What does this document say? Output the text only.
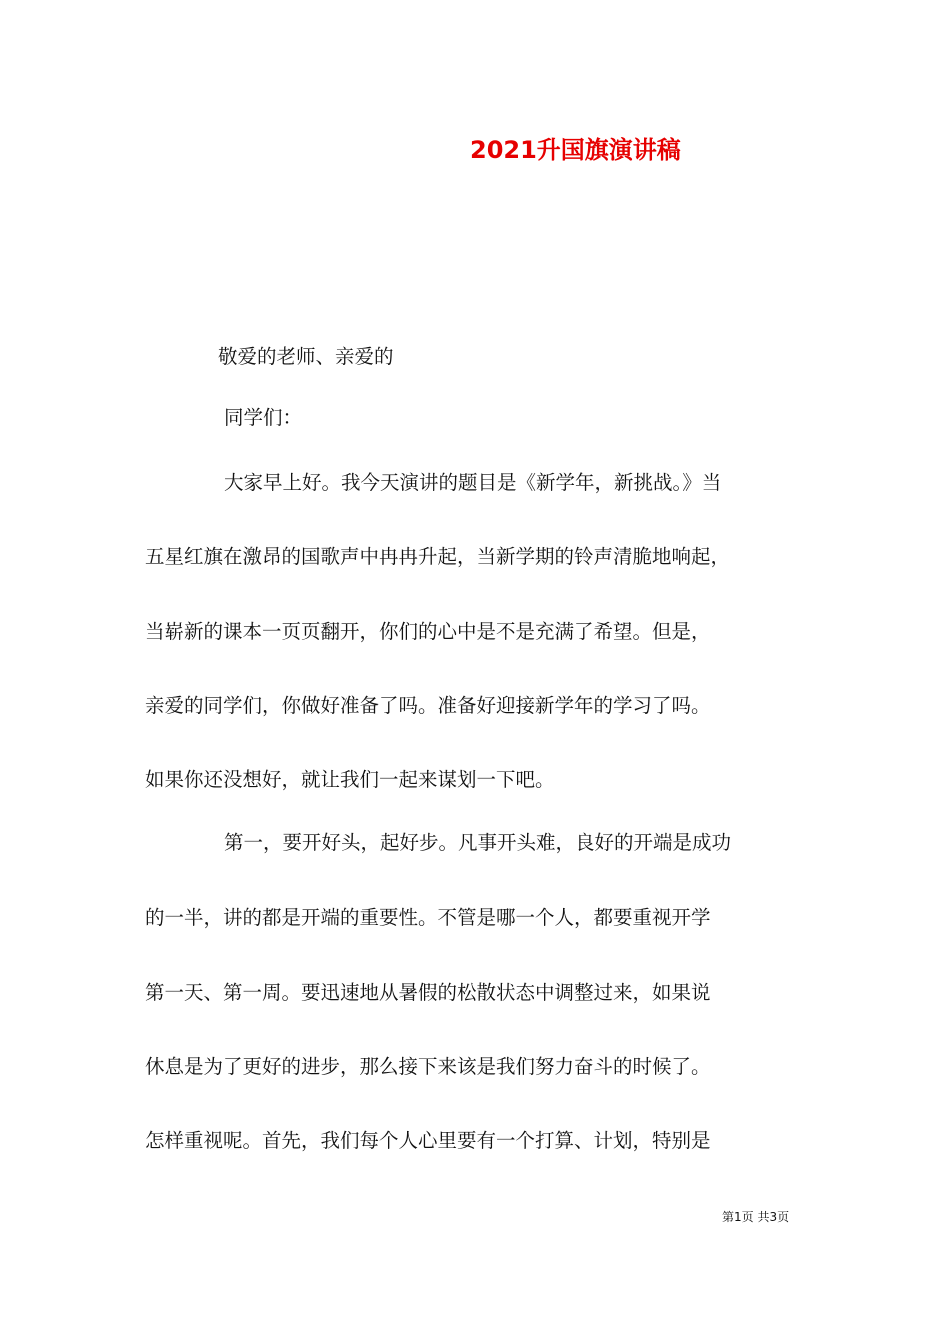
2021升国旗演讲稿
敬爱的老师、亲爱的
同学们：
大家早上好。我今天演讲的题目是《新学年，新挑战。》当
五星红旗在激昂的国歌声中冉冉升起，当新学期的铃声清脆地响起，
当崭新的课本一页页翻开，你们的心中是不是充满了希望。但是，
亲爱的同学们，你做好准备了吗。准备好迎接新学年的学习了吗。
如果你还没想好，就让我们一起来谋划一下吧。
第一，要开好头，起好步。凡事开头难，良好的开端是成功
的一半，讲的都是开端的重要性。不管是哪一个人，都要重视开学
第一天、第一周。要迅速地从暑假的松散状态中调整过来，如果说
休息是为了更好的进步，那么接下来该是我们努力奋斗的时候了。
怎样重视呢。首先，我们每个人心里要有一个打算、计划，特别是
第1页 共3页
